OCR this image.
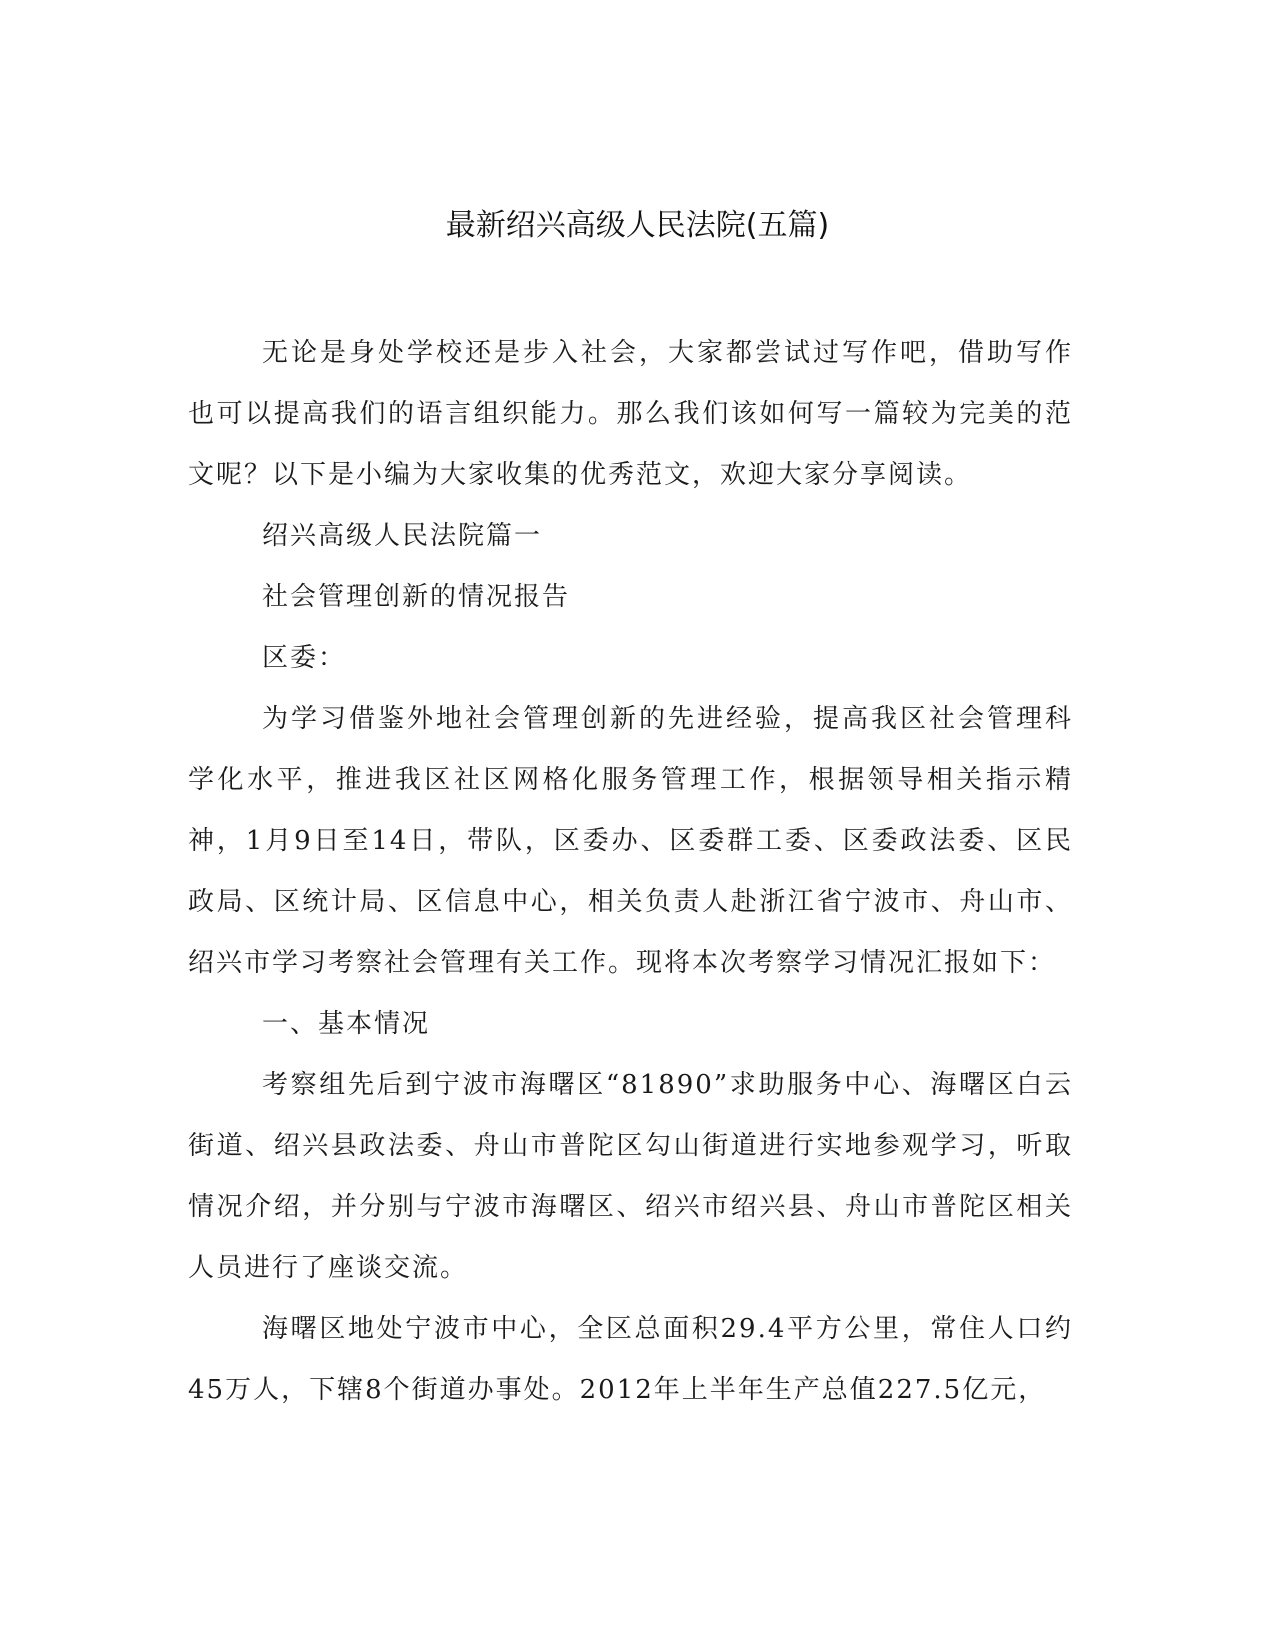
最新绍兴高级人民法院(五篇)

无论是身处学校还是步入社会，大家都尝试过写作吧，借助写作也可以提高我们的语言组织能力。那么我们该如何写一篇较为完美的范文呢？以下是小编为大家收集的优秀范文，欢迎大家分享阅读。

绍兴高级人民法院篇一

社会管理创新的情况报告

区委：

为学习借鉴外地社会管理创新的先进经验，提高我区社会管理科学化水平，推进我区社区网格化服务管理工作，根据领导相关指示精神，1月9日至14日，带队，区委办、区委群工委、区委政法委、区民政局、区统计局、区信息中心，相关负责人赴浙江省宁波市、舟山市、绍兴市学习考察社会管理有关工作。现将本次考察学习情况汇报如下：

一、基本情况

考察组先后到宁波市海曙区“81890”求助服务中心、海曙区白云街道、绍兴县政法委、舟山市普陀区勾山街道进行实地参观学习，听取情况介绍，并分别与宁波市海曙区、绍兴市绍兴县、舟山市普陀区相关人员进行了座谈交流。

海曙区地处宁波市中心，全区总面积29.4平方公里，常住人口约45万人，下辖8个街道办事处。2012年上半年生产总值227.5亿元，
